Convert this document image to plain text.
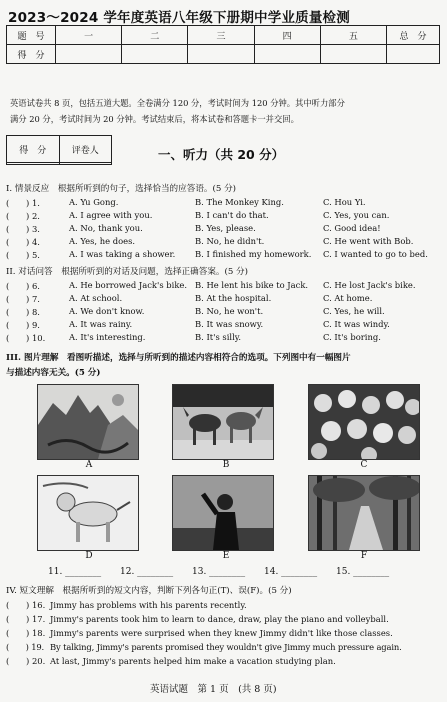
2023～2024 学年度英语八年级下册期中学业质量检测
题　号	一	二	三	四	五	总　分
得　分						
英语试卷共 8 页，包括五道大题。全卷满分 120 分，考试时间为 120 分钟。其中听力部分
满分 20 分，考试时间为 20 分钟。考试结束后，将本试卷和答题卡一并交回。
得　分	评卷人
		一、听力（共 20 分）
I. 情景反应　根据所听到的句子，选择恰当的应答语。(5 分)
(　　) 1.	A. Yu Gong.	B. The Monkey King.	C. Hou Yi.
(　　) 2.	A. I agree with you.	B. I can't do that.	C. Yes, you can.
(　　) 3.	A. No, thank you.	B. Yes, please.	C. Good idea!
(　　) 4.	A. Yes, he does.	B. No, he didn't.	C. He went with Bob.
(　　) 5.	A. I was taking a shower. B. I finished my homework. C. I wanted to go to bed.
II. 对话问答　根据所听到的对话及问题，选择正确答案。(5 分)
(　　) 6.	A. He borrowed Jack's bike. B. He lent his bike to Jack. C. He lost Jack's bike.
(　　) 7.	A. At school.	B. At the hospital.	C. At home.
(　　) 8.	A. We don't know.	B. No, he won't.	C. Yes, he will.
(　　) 9.	A. It was rainy.	B. It was snowy.	C. It was windy.
(　　) 10.	A. It's interesting.	B. It's silly.	C. It's boring.
III. 图片理解　看图听描述，选择与所听到的描述内容相符合的选项。下列图中有一幅图片
与描述内容无关。(5 分)
A	B	C
D	E	F
11. ________ 12. ________ 13. ________ 14. ________ 15. ________
IV. 短文理解　根据所听到的短文内容，判断下列各句正(T)、误(F)。(5 分)
(　　) 16. Jimmy has problems with his parents recently.
(　　) 17. Jimmy's parents took him to learn to dance, draw, play the piano and volleyball.
(　　) 18. Jimmy's parents were surprised when they knew Jimmy didn't like those classes.
(　　) 19. By talking, Jimmy's parents promised they wouldn't give Jimmy much pressure again.
(　　) 20. At last, Jimmy's parents helped him make a vacation studying plan.
英语试题　第 1 页　(共 8 页)
